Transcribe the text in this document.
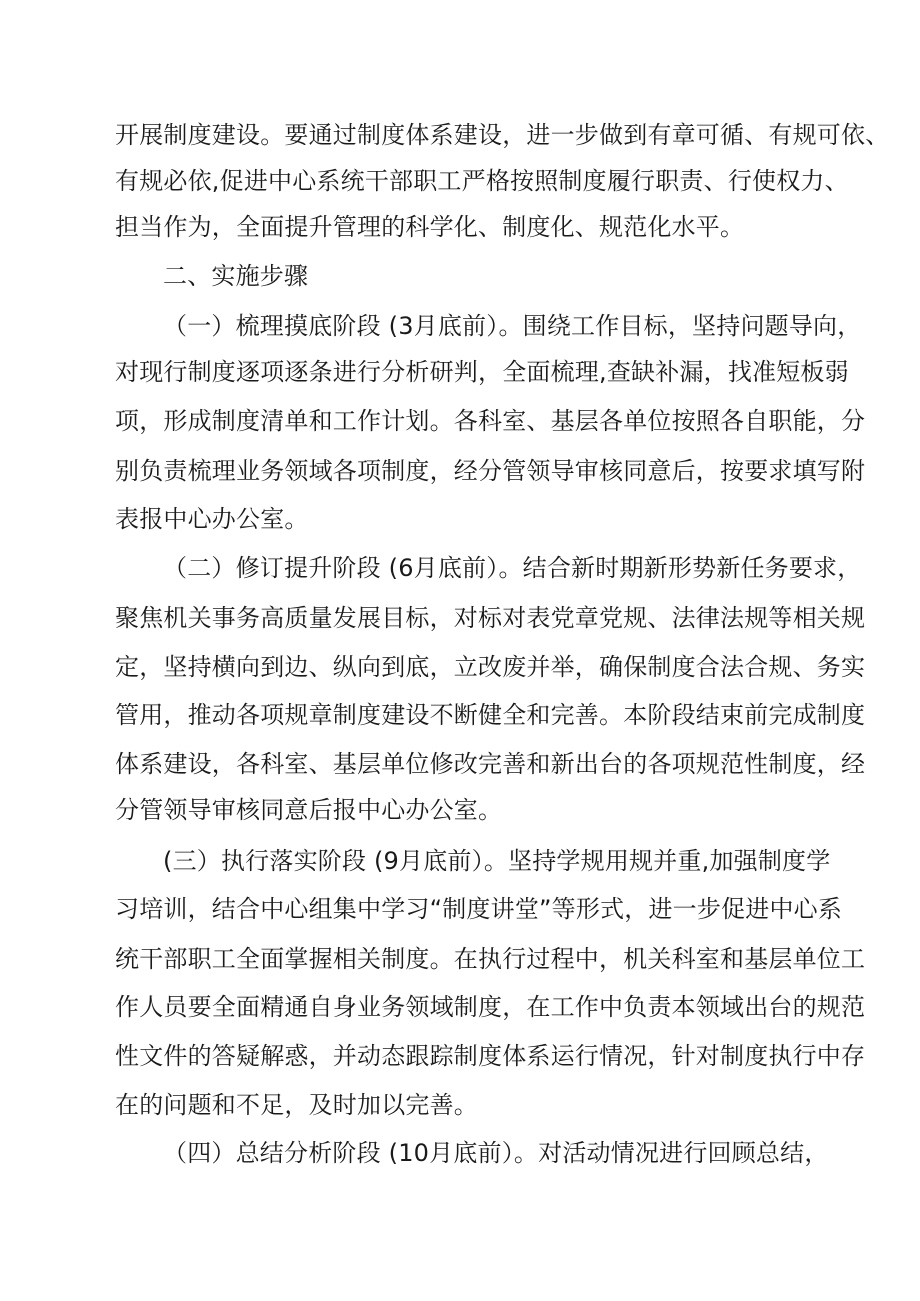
开展制度建设。要通过制度体系建设，进一步做到有章可循、有规可依、
有规必依,促进中心系统干部职工严格按照制度履行职责、行使权力、
担当作为，全面提升管理的科学化、制度化、规范化水平。
二、实施步骤
（一）梳理摸底阶段 (3月底前）。围绕工作目标，坚持问题导向，
对现行制度逐项逐条进行分析研判，全面梳理,查缺补漏，找准短板弱
项，形成制度清单和工作计划。各科室、基层各单位按照各自职能，分
别负责梳理业务领域各项制度，经分管领导审核同意后，按要求填写附
表报中心办公室。
（二）修订提升阶段 (6月底前）。结合新时期新形势新任务要求，
聚焦机关事务高质量发展目标，对标对表党章党规、法律法规等相关规
定，坚持横向到边、纵向到底，立改废并举，确保制度合法合规、务实
管用，推动各项规章制度建设不断健全和完善。本阶段结束前完成制度
体系建设，各科室、基层单位修改完善和新出台的各项规范性制度，经
分管领导审核同意后报中心办公室。
(三）执行落实阶段 (9月底前）。坚持学规用规并重,加强制度学
习培训，结合中心组集中学习“制度讲堂”等形式，进一步促进中心系
统干部职工全面掌握相关制度。在执行过程中，机关科室和基层单位工
作人员要全面精通自身业务领域制度，在工作中负责本领域出台的规范
性文件的答疑解惑，并动态跟踪制度体系运行情况，针对制度执行中存
在的问题和不足，及时加以完善。
（四）总结分析阶段 (10月底前）。对活动情况进行回顾总结，
